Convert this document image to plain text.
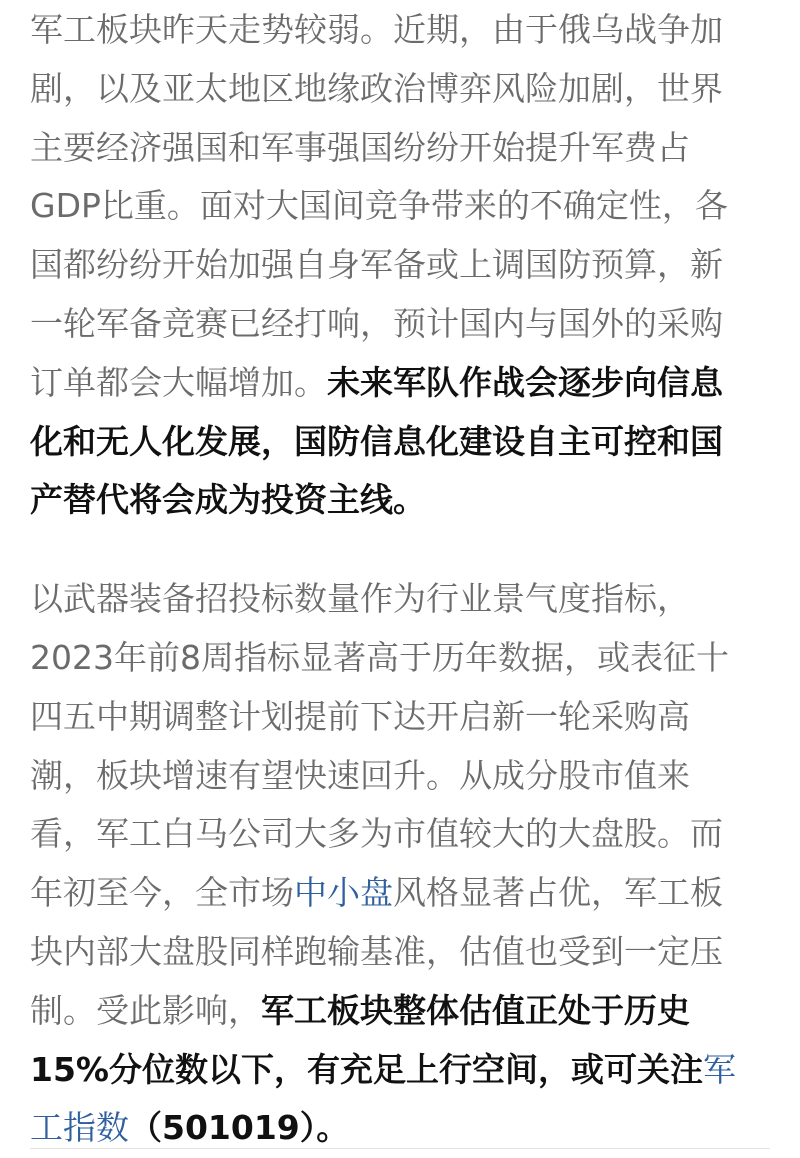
军工板块昨天走势较弱。近期，由于俄乌战争加
剧，以及亚太地区地缘政治博弈风险加剧，世界
主要经济强国和军事强国纷纷开始提升军费占
GDP比重。面对大国间竞争带来的不确定性，各
国都纷纷开始加强自身军备或上调国防预算，新
一轮军备竞赛已经打响，预计国内与国外的采购
订单都会大幅增加。未来军队作战会逐步向信息
化和无人化发展，国防信息化建设自主可控和国
产替代将会成为投资主线。

以武器装备招投标数量作为行业景气度指标，
2023年前8周指标显著高于历年数据，或表征十
四五中期调整计划提前下达开启新一轮采购高
潮，板块增速有望快速回升。从成分股市值来
看，军工白马公司大多为市值较大的大盘股。而
年初至今，全市场中小盘风格显著占优，军工板
块内部大盘股同样跑输基准，估值也受到一定压
制。受此影响，军工板块整体估值正处于历史
15%分位数以下，有充足上行空间，或可关注军
工指数（501019）。
